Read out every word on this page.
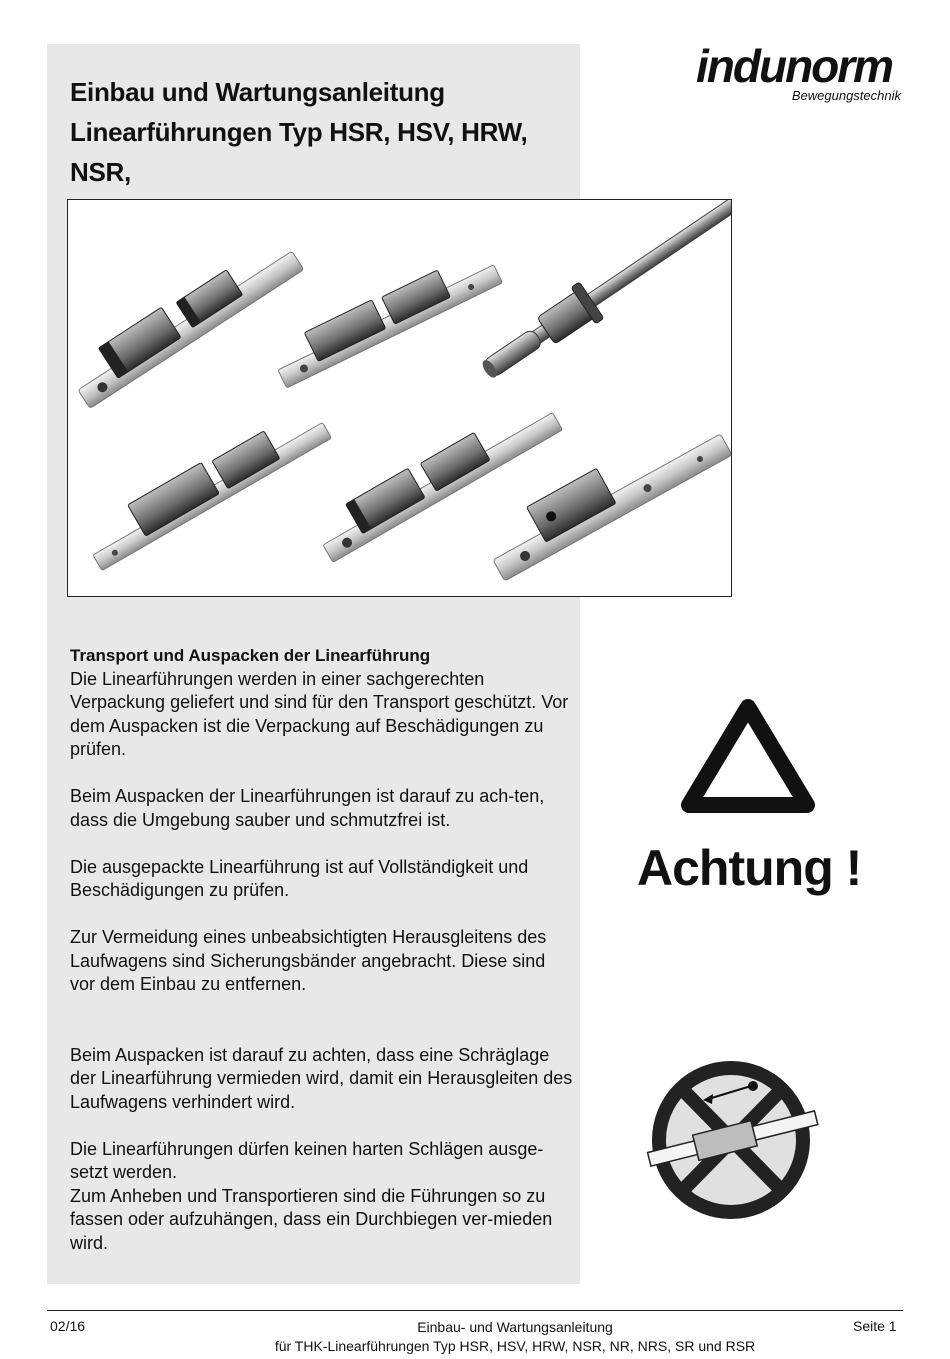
indunorm
Bewegungstechnik
Einbau und Wartungsanleitung
Linearführungen Typ HSR, HSV, HRW, NSR,
Transport und Auspacken der Linearführung

Die Linearführungen werden in einer sachgerechten Verpackung geliefert und sind für den Transport geschützt. Vor dem Auspacken ist die Verpackung auf Beschädigungen zu prüfen.

Beim Auspacken der Linearführungen ist darauf zu ach-ten, dass die Umgebung sauber und schmutzfrei ist.

Die ausgepackte Linearführung ist auf Vollständigkeit und Beschädigungen zu prüfen.

Zur Vermeidung eines unbeabsichtigten Herausgleitens des Laufwagens sind Sicherungsbänder angebracht. Diese sind vor dem Einbau zu entfernen.

Beim Auspacken ist darauf zu achten, dass eine Schräglage der Linearführung vermieden wird, damit ein Herausgleiten des Laufwagens verhindert wird.

Die Linearführungen dürfen keinen harten Schlägen ausge-setzt werden.

Zum Anheben und Transportieren sind die Führungen so zu fassen oder aufzuhängen, dass ein Durchbiegen ver-mieden wird.

Achtung !
02/16	Einbau- und Wartungsanleitung
für THK-Linearführungen Typ HSR, HSV, HRW, NSR, NR, NRS, SR und RSR
Seite 1
